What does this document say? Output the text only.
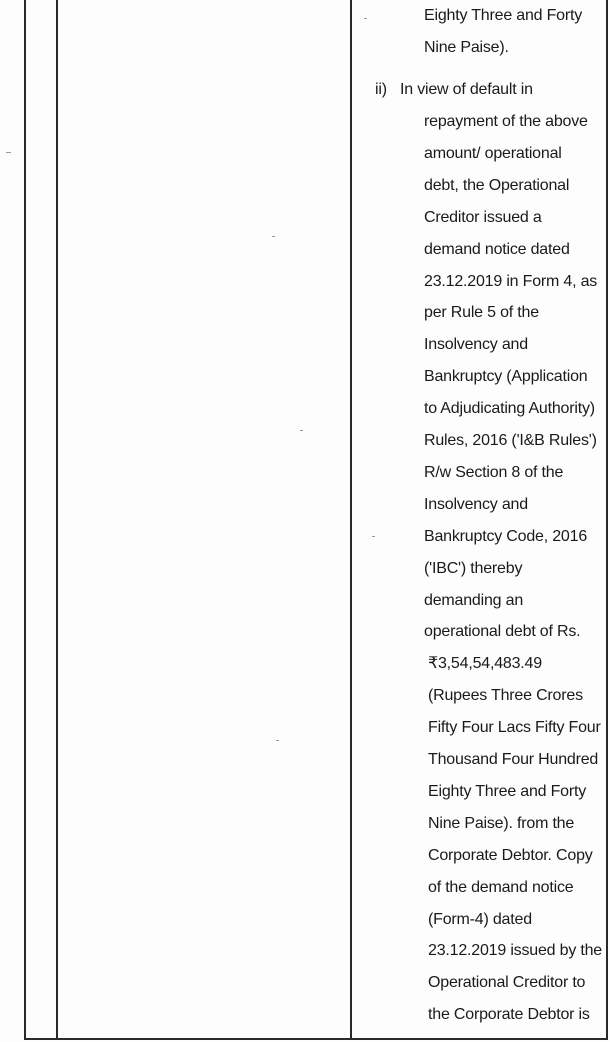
Eighty Three and Forty
Nine Paise).
ii) In view of default in
repayment of the above
amount/ operational
debt, the Operational
Creditor issued a
demand notice dated
23.12.2019 in Form 4, as
per Rule 5 of the
Insolvency and
Bankruptcy (Application
to Adjudicating Authority)
Rules, 2016 ('I&B Rules')
R/w Section 8 of the
Insolvency and
Bankruptcy Code, 2016
('IBC') thereby
demanding an
operational debt of Rs.
₹3,54,54,483.49
(Rupees Three Crores
Fifty Four Lacs Fifty Four
Thousand Four Hundred
Eighty Three and Forty
Nine Paise). from the
Corporate Debtor. Copy
of the demand notice
(Form-4) dated
23.12.2019 issued by the
Operational Creditor to
the Corporate Debtor is
